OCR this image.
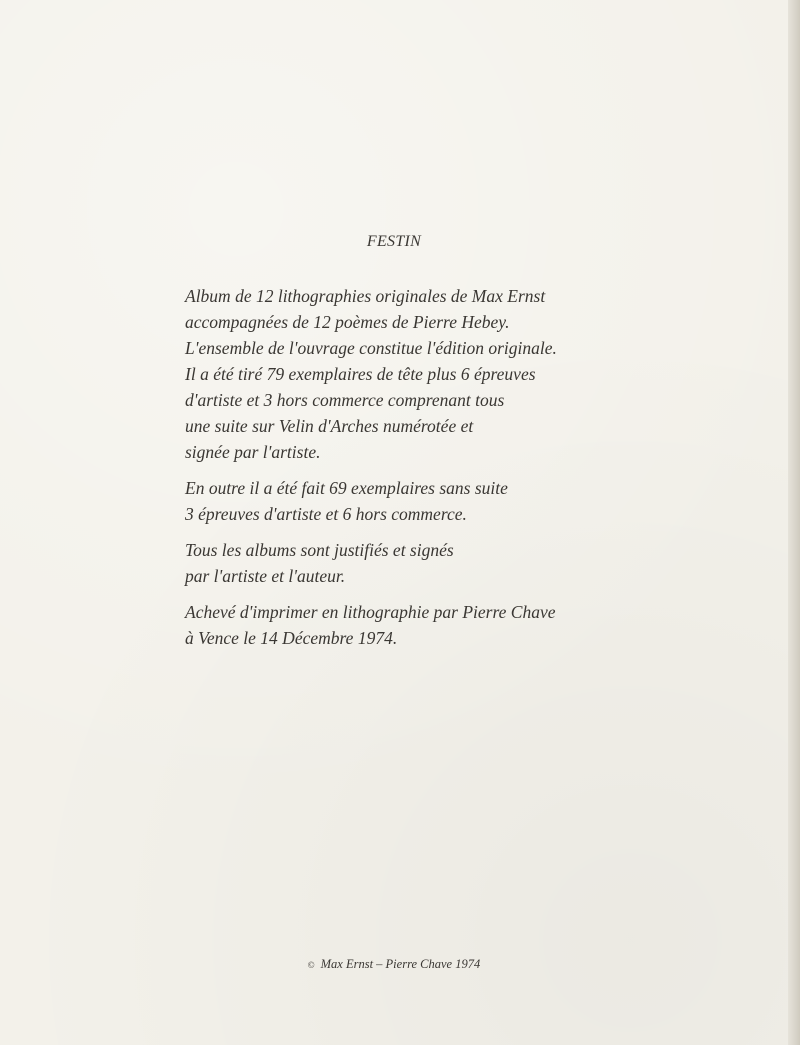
FESTIN

Album de 12 lithographies originales de Max Ernst
accompagnées de 12 poèmes de Pierre Hebey.
L'ensemble de l'ouvrage constitue l'édition originale.
Il a été tiré 79 exemplaires de tête plus 6 épreuves
d'artiste et 3 hors commerce comprenant tous
une suite sur Velin d'Arches numérotée et
signée par l'artiste.

En outre il a été fait 69 exemplaires sans suite
3 épreuves d'artiste et 6 hors commerce.

Tous les albums sont justifiés et signés
par l'artiste et l'auteur.

Achevé d'imprimer en lithographie par Pierre Chave
à Vence le 14 Décembre 1974.

© Max Ernst – Pierre Chave 1974
